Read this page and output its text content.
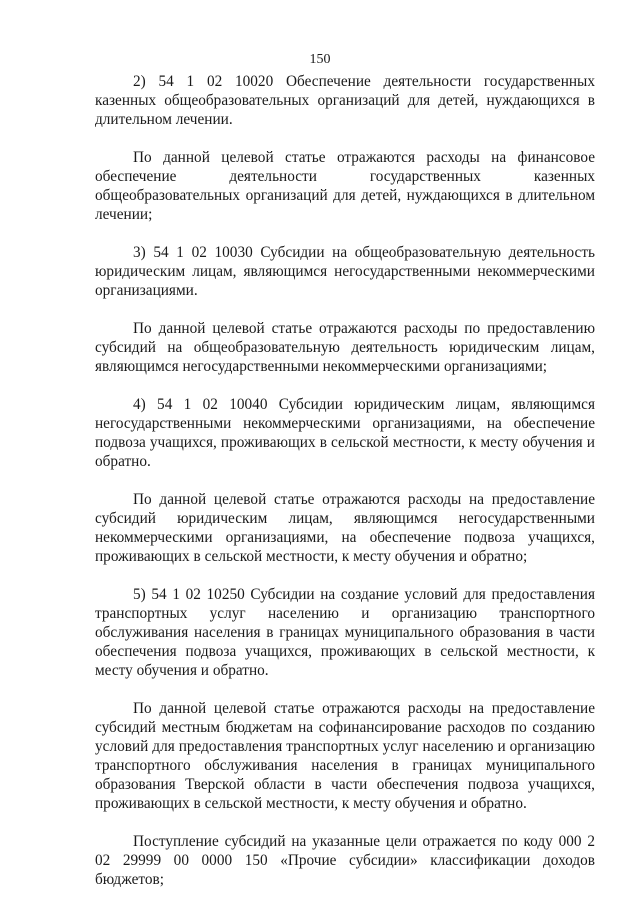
150

2) 54 1 02 10020 Обеспечение деятельности государственных казенных общеобразовательных организаций для детей, нуждающихся в длительном лечении.

По данной целевой статье отражаются расходы на финансовое обеспечение деятельности государственных казенных общеобразовательных организаций для детей, нуждающихся в длительном лечении;

3) 54 1 02 10030 Субсидии на общеобразовательную деятельность юридическим лицам, являющимся негосударственными некоммерческими организациями.

По данной целевой статье отражаются расходы по предоставлению субсидий на общеобразовательную деятельность юридическим лицам, являющимся негосударственными некоммерческими организациями;

4) 54 1 02 10040 Субсидии юридическим лицам, являющимся негосударственными некоммерческими организациями, на обеспечение подвоза учащихся, проживающих в сельской местности, к месту обучения и обратно.

По данной целевой статье отражаются расходы на предоставление субсидий юридическим лицам, являющимся негосударственными некоммерческими организациями, на обеспечение подвоза учащихся, проживающих в сельской местности, к месту обучения и обратно;

5) 54 1 02 10250 Субсидии на создание условий для предоставления транспортных услуг населению и организацию транспортного обслуживания населения в границах муниципального образования в части обеспечения подвоза учащихся, проживающих в сельской местности, к месту обучения и обратно.

По данной целевой статье отражаются расходы на предоставление субсидий местным бюджетам на софинансирование расходов по созданию условий для предоставления транспортных услуг населению и организацию транспортного обслуживания населения в границах муниципального образования Тверской области в части обеспечения подвоза учащихся, проживающих в сельской местности, к месту обучения и обратно.

Поступление субсидий на указанные цели отражается по коду 000 2 02 29999 00 0000 150 «Прочие субсидии» классификации доходов бюджетов;
